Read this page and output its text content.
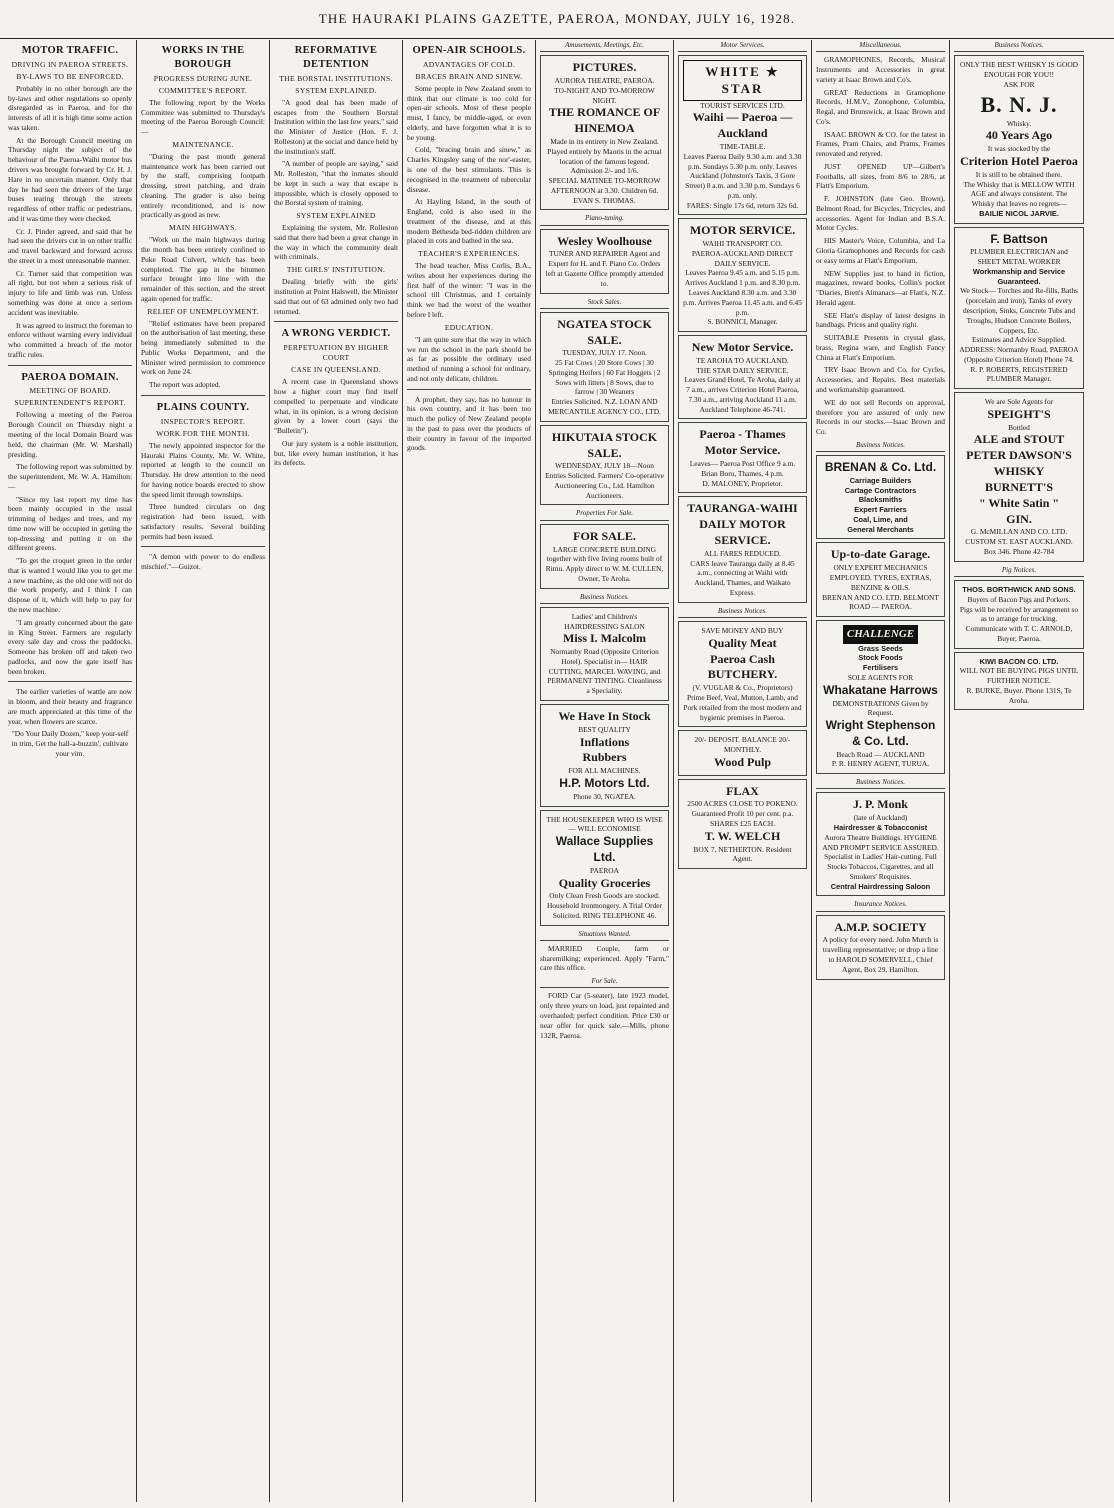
THE HAURAKI PLAINS GAZETTE, PAEROA, MONDAY, JULY 16, 1928.
MOTOR TRAFFIC.
DRIVING IN PAEROA STREETS.
BY-LAWS TO BE ENFORCED.

Probably in no other borough are the by-laws and other regulations so openly disregarded as in Paeroa, and for the interests of all it is high time some action was taken.

At the Borough Council meeting on Thursday night the subject of the behaviour of the Paeroa-Waihi motor bus drivers was brought forward by Cr. H. J. Hare in no uncertain manner. Only that day he had seen the drivers of the large buses tearing through the streets regardless of other traffic or pedestrians, and it was time they were checked.

Cr. J. Pinder agreed, and said that he had seen the drivers cut in on other traffic and travel backward and forward across the street in a most unreasonable manner.

Cr. Turner said that competition was all right, but not when a serious risk of injury to life and limb was run. Unless something was done at once a serious accident was inevitable.

It was agreed to instruct the foreman to enforce without warning every individual who committed a breach of the motor traffic rules.

PAEROA DOMAIN.
MEETING OF BOARD.
SUPERINTENDENT'S REPORT.

Following a meeting of the Paeroa Borough Council on Thursday night a meeting of the local Domain Board was held, the chairman (Mr. W. Marshall) presiding.

The following report was submitted by the superintendent, Mr. W. A. Hamilton:—

"Since my last report my time has been mainly occupied in the usual trimming of hedges and trees, and my time now will be occupied in getting the top-dressing and putting it on the different greens.

"To get the croquet green in the order that is wanted I would like you to get me a new machine, as the old one will not do the work properly, and I think I can dispose of it, which will help to pay for the new machine.

"I am greatly concerned about the gate in King Street. Farmers are regularly every sale day and cross the paddocks. Someone has broken off and taken two padlocks, and now the gate itself has been broken.

The earlier varieties of wattle are now in bloom, and their beauty and fragrance are much appreciated at this time of the year, when flowers are scarce.

"Do Your Daily Dozen," keep your-self in trim, Get the ball-a-buzzin', cultivate your vim.

WORKS IN THE BOROUGH
PROGRESS DURING JUNE.
COMMITTEE'S REPORT.

The following report by the Works Committee was submitted to Thursday's meeting of the Paeroa Borough Council:—

MAINTENANCE.

"During the past month general maintenance work has been carried out by the staff, comprising footpath dressing, street patching, and drain cleaning. The grader is also being entirely reconditioned, and is now practically as good as new.

MAIN HIGHWAYS.

"Work on the main highways during the month has been entirely confined to Puke Road Culvert, which has been completed. The gap in the bitumen surface brought into line with the remainder of this section, and the street again opened for traffic.

RELIEF OF UNEMPLOYMENT.

"Relief estimates have been prepared on the authorisation of last meeting, these being immediately submitted to the Public Works Department, and the Minister wired permission to commence work on June 24.

The report was adopted.

PLAINS COUNTY.
INSPECTOR'S REPORT.
WORK FOR THE MONTH.

The newly appointed inspector for the Hauraki Plains County, Mr. W. White, reported at length to the council on Thursday. He drew attention to the need for having notice boards erected to show the speed limit through townships.

Three hundred circulars on dog registration had been issued, with satisfactory results. Several building permits had been issued.

"A demon with power to do endless mischief."—Guizot.

REFORMATIVE DETENTION
THE BORSTAL INSTITUTIONS.
SYSTEM EXPLAINED.

"A good deal has been made of escapes from the Southern Borstal Institution within the last few years," said the Minister of Justice (Hon. F. J. Rolleston) at the social and dance held by the institution's staff.

"A number of people are saying," said Mr. Rolleston, "that the inmates should be kept in such a way that escape is impossible, which is closely opposed to the Borstal system of training.

SYSTEM EXPLAINED

Explaining the system, Mr. Rolleston said that there had been a great change in the way in which the community dealt with criminals.

THE GIRLS' INSTITUTION.

Dealing briefly with the girls' institution at Point Halswell, the Minister said that out of 63 admitted only two had returned.

A WRONG VERDICT.
PERPETUATION BY HIGHER COURT
CASE IN QUEENSLAND.

A recent case in Queensland shows how a higher court may find itself compelled to perpetuate and vindicate what, in its opinion, is a wrong decision given by a lower court (says the "Bulletin").

Our jury system is a noble institution, but, like every human institution, it has its defects.

OPEN-AIR SCHOOLS.
ADVANTAGES OF COLD.
BRACES BRAIN AND SINEW.

Some people in New Zealand seem to think that our climate is too cold for open-air schools. Most of these people must, I fancy, be middle-aged, or even elderly, and have forgotten what it is to be young.

Cold, "bracing brain and sinew," as Charles Kingsley sang of the nor'-easter, is one of the best stimulants. This is recognised in the treatment of tubercular disease.

At Hayling Island, in the south of England, cold is also used in the treatment of the disease, and at this modern Bethesda bed-ridden children are placed in cots and bathed in the sea.

TEACHER'S EXPERIENCES.

The head teacher, Miss Corlis, B.A., writes about her experiences during the first half of the winter: "I was in the school till Christmas, and I certainly think we had the worst of the weather before I left.

EDUCATION.

"I am quite sure that the way in which we run the school in the park should be as far as possible the ordinary used method of running a school for ordinary, and not only delicate, children.

A prophet, they say, has no honour in his own country, and it has been too much the policy of New Zealand people in the past to pass over the products of their country in favour of the imported goods.

Amusements, Meetings, Etc.
PICTURES.
AURORA THEATRE, PAEROA.
TO-NIGHT AND TO-MORROW NIGHT.
THE ROMANCE OF
HINEMOA
Made in its entirety in New Zealand. Played entirely by Maoris in the actual location of the famous legend. Admission 2/- and 1/6.
SPECIAL MATINEE TO-MORROW AFTERNOON at 3.30. Children 6d.
EVAN S. THOMAS.
Piano-tuning.
Wesley Woolhouse
TUNER AND REPAIRER Agent and Expert for H. and F. Piano Co. Orders left at Gazette Office promptly attended to.
Stock Sales.
NGATEA STOCK SALE.
TUESDAY, JULY 17. Noon.
25 Fat Cows | 20 Store Cows | 30 Springing Heifers | 60 Fat Hoggets | 2 Sows with litters | 8 Sows, due to farrow | 30 Weaners
Entries Solicited. N.Z. LOAN AND MERCANTILE AGENCY CO., LTD.
HIKUTAIA STOCK SALE.
WEDNESDAY, JULY 18—Noon
Entries Solicited. Farmers' Co-operative Auctioneering Co., Ltd. Hamilton Auctioneers.
Properties For Sale.
FOR SALE.
LARGE CONCRETE BUILDING together with five living rooms built of Rimu. Apply direct to W. M. CULLEN, Owner, Te Aroha.
Business Notices.
Ladies' and Children's HAIRDRESSING SALON
Miss I. Malcolm
Normanby Road (Opposite Criterion Hotel). Specialist in— HAIR CUTTING, MARCEL WAVING, and PERMANENT TINTING. Cleanliness a Speciality.
We Have In Stock
BEST QUALITY
Inflations
Rubbers
FOR ALL MACHINES.
H.P. Motors Ltd.
Phone 30, NGATEA.
THE HOUSEKEEPER WHO IS WISE— WILL ECONOMISE
Wallace Supplies Ltd.
PAEROA
Quality Groceries
Only Clean Fresh Goods are stocked. Household Ironmongery. A Trial Order Solicited. RING TELEPHONE 46.
Situations Wanted.

MARRIED Couple, farm or sharemilking; experienced. Apply "Farm," care this office.

For Sale.

FORD Car (5-seater), late 1923 model, only three years on load, just repainted and overhauled; perfect condition. Price £30 or near offer for quick sale.—Mills, phone 132R, Paeroa.

Motor Services.
WHITE ★ STAR
TOURIST SERVICES LTD.
Waihi — Paeroa — Auckland
TIME-TABLE.
Leaves Paeroa Daily 9.30 a.m. and 3.30 p.m. Sundays 5.30 p.m. only. Leaves Auckland (Johnston's Taxis, 3 Gore Street) 8 a.m. and 3.30 p.m. Sundays 6 p.m. only.
FARES: Single 17s 6d, return 32s 6d.
MOTOR SERVICE.
WAIHI TRANSPORT CO.
PAEROA-AUCKLAND DIRECT DAILY SERVICE.
Leaves Paeroa 9.45 a.m. and 5.15 p.m. Arrives Auckland 1 p.m. and 8.30 p.m. Leaves Auckland 8.30 a.m. and 3.30 p.m. Arrives Paeroa 11.45 a.m. and 6.45 p.m.
S. BONNICI, Manager.
New Motor Service.
TE AROHA TO AUCKLAND.
THE STAR DAILY SERVICE.
Leaves Grand Hotel, Te Aroha, daily at 7 a.m., arrives Criterion Hotel Paeroa, 7.30 a.m., arriving Auckland 11 a.m.
Auckland Telephone 46-741.
Paeroa - Thames Motor Service.
Leaves— Paeroa Post Office 9 a.m. Brian Boru, Thames, 4 p.m.
D. MALONEY, Proprietor.
TAURANGA-WAIHI DAILY MOTOR SERVICE.
ALL FARES REDUCED.
CARS leave Tauranga daily at 8.45 a.m., connecting at Waihi with Auckland, Thames, and Waikato Express.
Business Notices.
SAVE MONEY AND BUY
Quality Meat
Paeroa Cash BUTCHERY.
(V. VUGLAR & Co., Proprietors)
Prime Beef, Veal, Mutton, Lamb, and Pork retailed from the most modern and hygienic premises in Paeroa.
20/- DEPOSIT. BALANCE 20/- MONTHLY.
Wood Pulp
FLAX
2500 ACRES CLOSE TO POKENO. Guaranteed Profit 10 per cent. p.a. SHARES £25 EACH.
T. W. WELCH
BOX 7, NETHERTON. Resident Agent.
Miscellaneous.

GRAMOPHONES, Records, Musical Instruments and Accessories in great variety at Isaac Brown and Co's.

GREAT Reductions in Gramophone Records, H.M.V., Zonophone, Columbia, Regal, and Brunswick, at Isaac Brown and Co's.

ISAAC BROWN & CO. for the latest in Frames, Pram Chairs, and Prams, Frames renovated and retyred.

JUST OPENED UP—Gilbert's Footballs, all sizes, from 8/6 to 28/6, at Flatt's Emporium.

F. JOHNSTON (late Geo. Brown), Belmont Road, for Bicycles, Tricycles, and accessories. Agent for Indian and B.S.A. Motor Cycles.

HIS Master's Voice, Columbia, and La Gloria Gramophones and Records for cash or easy terms at Flatt's Emporium.

NEW Supplies just to hand in fiction, magazines, reward books, Collin's pocket "Diaries, Brett's Almanacs—at Flatt's, N.Z. Herald agent.

SEE Flatt's display of latest designs in handbags. Prices and quality right.

SUITABLE Presents in crystal glass, brass, Regina ware, and English Fancy China at Flatt's Emporium.

TRY Isaac Brown and Co. for Cycles, Accessories, and Repairs. Best materials and workmanship guaranteed.

WE do not sell Records on approval, therefore you are assured of only new Records in our stocks.—Isaac Brown and Co.

Business Notices.
BRENAN & Co. Ltd.
Carriage Builders
Cartage Contractors
Blacksmiths
Expert Farriers
Coal, Lime, and
General Merchants
Up-to-date Garage.
ONLY EXPERT MECHANICS EMPLOYED. TYRES, EXTRAS, BENZINE & OILS.
BRENAN AND CO. LTD. BELMONT ROAD — PAEROA.
CHALLENGE
Grass Seeds
Stock Foods
Fertilisers
SOLE AGENTS FOR
Whakatane Harrows
DEMONSTRATIONS Given by Request.
Wright Stephenson & Co. Ltd.
Beach Road — AUCKLAND
P. R. HENRY AGENT, TURUA.
Business Notices.
J. P. Monk
(late of Auckland)
Hairdresser & Tobacconist
Aurora Theatre Buildings. HYGIENE AND PROMPT SERVICE ASSURED. Specialist in Ladies' Hair-cutting. Full Stocks Tobaccos, Cigarettes, and all Smokers' Requisites.
Central Hairdressing Saloon
Insurance Notices.
A.M.P. SOCIETY
A policy for every need. John Murch is travelling representative; or drop a line to HAROLD SOMERVELL, Chief Agent, Box 29, Hamilton.
Business Notices.
ONLY THE BEST WHISKY IS GOOD ENOUGH FOR YOU!!
ASK FOR
B. N. J.
Whisky.
40 Years Ago
It was stocked by the
Criterion Hotel Paeroa
It is still to be obtained there.
The Whisky that is MELLOW WITH AGE and always consistent. The Whisky that leaves no regrets—
BAILIE NICOL JARVIE.
F. Battson
PLUMBER ELECTRICIAN and SHEET METAL WORKER
Workmanship and Service Guaranteed.
We Stock— Torches and Re-fills, Baths (porcelain and iron), Tanks of every description, Sinks, Concrete Tubs and Troughs, Hudson Concrete Boilers, Coppers, Etc.
Estimates and Advice Supplied.
ADDRESS: Normanby Road, PAEROA (Opposite Criterion Hotel) Phone 74.
R. P. ROBERTS, REGISTERED PLUMBER Manager.
We are Sole Agents for
SPEIGHT'S
Bottled
ALE and STOUT
PETER DAWSON'S
WHISKY
BURNETT'S
" White Satin "
GIN.
G. McMILLAN AND CO. LTD.
CUSTOM ST. EAST AUCKLAND.
Box 346. Phone 42-784
Pig Notices.
THOS. BORTHWICK AND SONS.
Buyers of Bacon Pigs and Porkers.
Pigs will be received by arrangement so as to arrange for trucking.
Communicate with T. C. ARNOLD, Buyer, Paeroa.
KIWI BACON CO. LTD.
WILL NOT BE BUYING PIGS UNTIL FURTHER NOTICE.
R. BURKE, Buyer. Phone 131S, Te Aroha.
